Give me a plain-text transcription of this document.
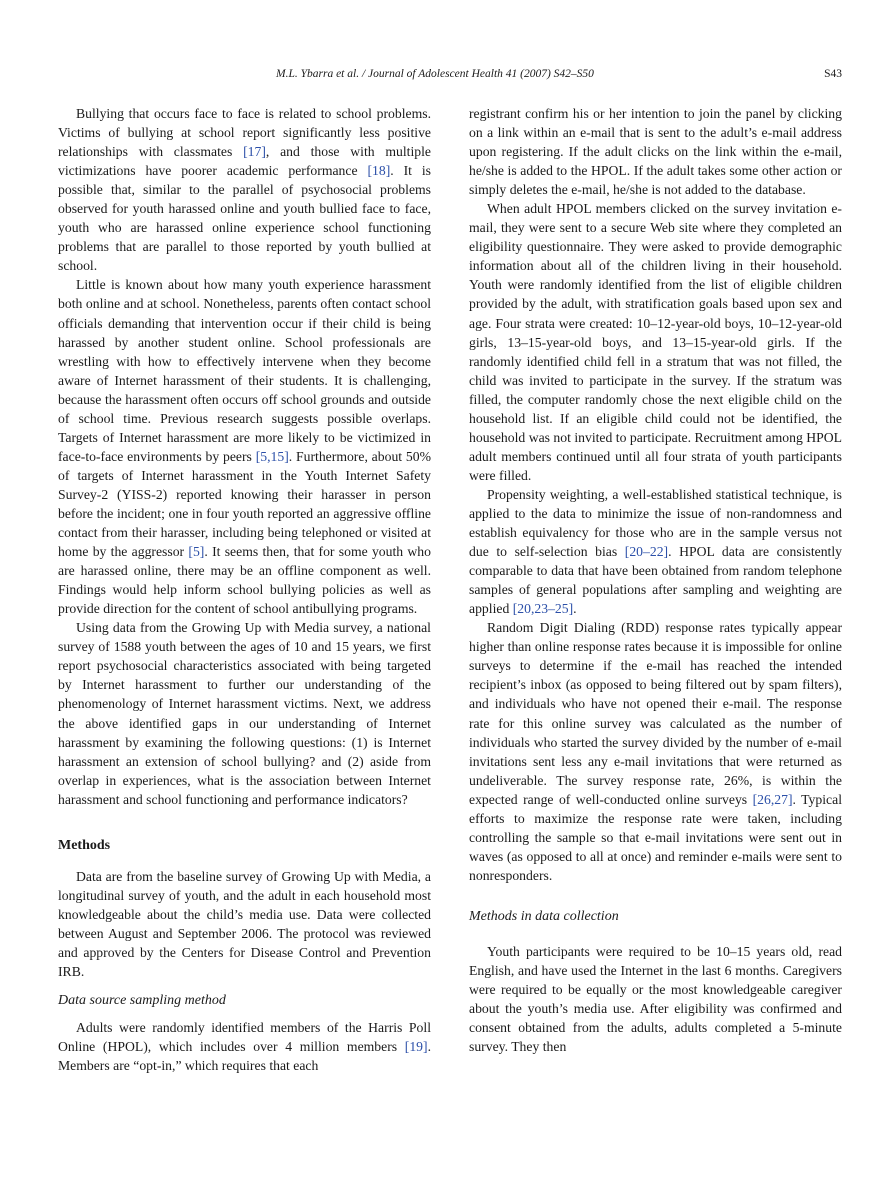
M.L. Ybarra et al. / Journal of Adolescent Health 41 (2007) S42–S50	S43

Bullying that occurs face to face is related to school problems. Victims of bullying at school report significantly less positive relationships with classmates [17], and those with multiple victimizations have poorer academic performance [18]. It is possible that, similar to the parallel of psychosocial problems observed for youth harassed online and youth bullied face to face, youth who are harassed online experience school functioning problems that are parallel to those reported by youth bullied at school.

Little is known about how many youth experience harassment both online and at school. Nonetheless, parents often contact school officials demanding that intervention occur if their child is being harassed by another student online. School professionals are wrestling with how to effectively intervene when they become aware of Internet harassment of their students. It is challenging, because the harassment often occurs off school grounds and outside of school time. Previous research suggests possible overlaps. Targets of Internet harassment are more likely to be victimized in face-to-face environments by peers [5,15]. Furthermore, about 50% of targets of Internet harassment in the Youth Internet Safety Survey-2 (YISS-2) reported knowing their harasser in person before the incident; one in four youth reported an aggressive offline contact from their harasser, including being telephoned or visited at home by the aggressor [5]. It seems then, that for some youth who are harassed online, there may be an offline component as well. Findings would help inform school bullying policies as well as provide direction for the content of school antibullying programs.

Using data from the Growing Up with Media survey, a national survey of 1588 youth between the ages of 10 and 15 years, we first report psychosocial characteristics associated with being targeted by Internet harassment to further our understanding of the phenomenology of Internet harassment victims. Next, we address the above identified gaps in our understanding of Internet harassment by examining the following questions: (1) is Internet harassment an extension of school bullying? and (2) aside from overlap in experiences, what is the association between Internet harassment and school functioning and performance indicators?

Methods

Data are from the baseline survey of Growing Up with Media, a longitudinal survey of youth, and the adult in each household most knowledgeable about the child’s media use. Data were collected between August and September 2006. The protocol was reviewed and approved by the Centers for Disease Control and Prevention IRB.

Data source sampling method

Adults were randomly identified members of the Harris Poll Online (HPOL), which includes over 4 million members [19]. Members are “opt-in,” which requires that each

registrant confirm his or her intention to join the panel by clicking on a link within an e-mail that is sent to the adult’s e-mail address upon registering. If the adult clicks on the link within the e-mail, he/she is added to the HPOL. If the adult takes some other action or simply deletes the e-mail, he/she is not added to the database.

When adult HPOL members clicked on the survey invitation e-mail, they were sent to a secure Web site where they completed an eligibility questionnaire. They were asked to provide demographic information about all of the children living in their household. Youth were randomly identified from the list of eligible children provided by the adult, with stratification goals based upon sex and age. Four strata were created: 10–12-year-old boys, 10–12-year-old girls, 13–15-year-old boys, and 13–15-year-old girls. If the randomly identified child fell in a stratum that was not filled, the child was invited to participate in the survey. If the stratum was filled, the computer randomly chose the next eligible child on the household list. If an eligible child could not be identified, the household was not invited to participate. Recruitment among HPOL adult members continued until all four strata of youth participants were filled.

Propensity weighting, a well-established statistical technique, is applied to the data to minimize the issue of non-randomness and establish equivalency for those who are in the sample versus not due to self-selection bias [20–22]. HPOL data are consistently comparable to data that have been obtained from random telephone samples of general populations after sampling and weighting are applied [20,23–25].

Random Digit Dialing (RDD) response rates typically appear higher than online response rates because it is impossible for online surveys to determine if the e-mail has reached the intended recipient’s inbox (as opposed to being filtered out by spam filters), and individuals who have not opened their e-mail. The response rate for this online survey was calculated as the number of individuals who started the survey divided by the number of e-mail invitations sent less any e-mail invitations that were returned as undeliverable. The survey response rate, 26%, is within the expected range of well-conducted online surveys [26,27]. Typical efforts to maximize the response rate were taken, including controlling the sample so that e-mail invitations were sent out in waves (as opposed to all at once) and reminder e-mails were sent to nonresponders.

Methods in data collection

Youth participants were required to be 10–15 years old, read English, and have used the Internet in the last 6 months. Caregivers were required to be equally or the most knowledgeable caregiver about the youth’s media use. After eligibility was confirmed and consent obtained from the adults, adults completed a 5-minute survey. They then
